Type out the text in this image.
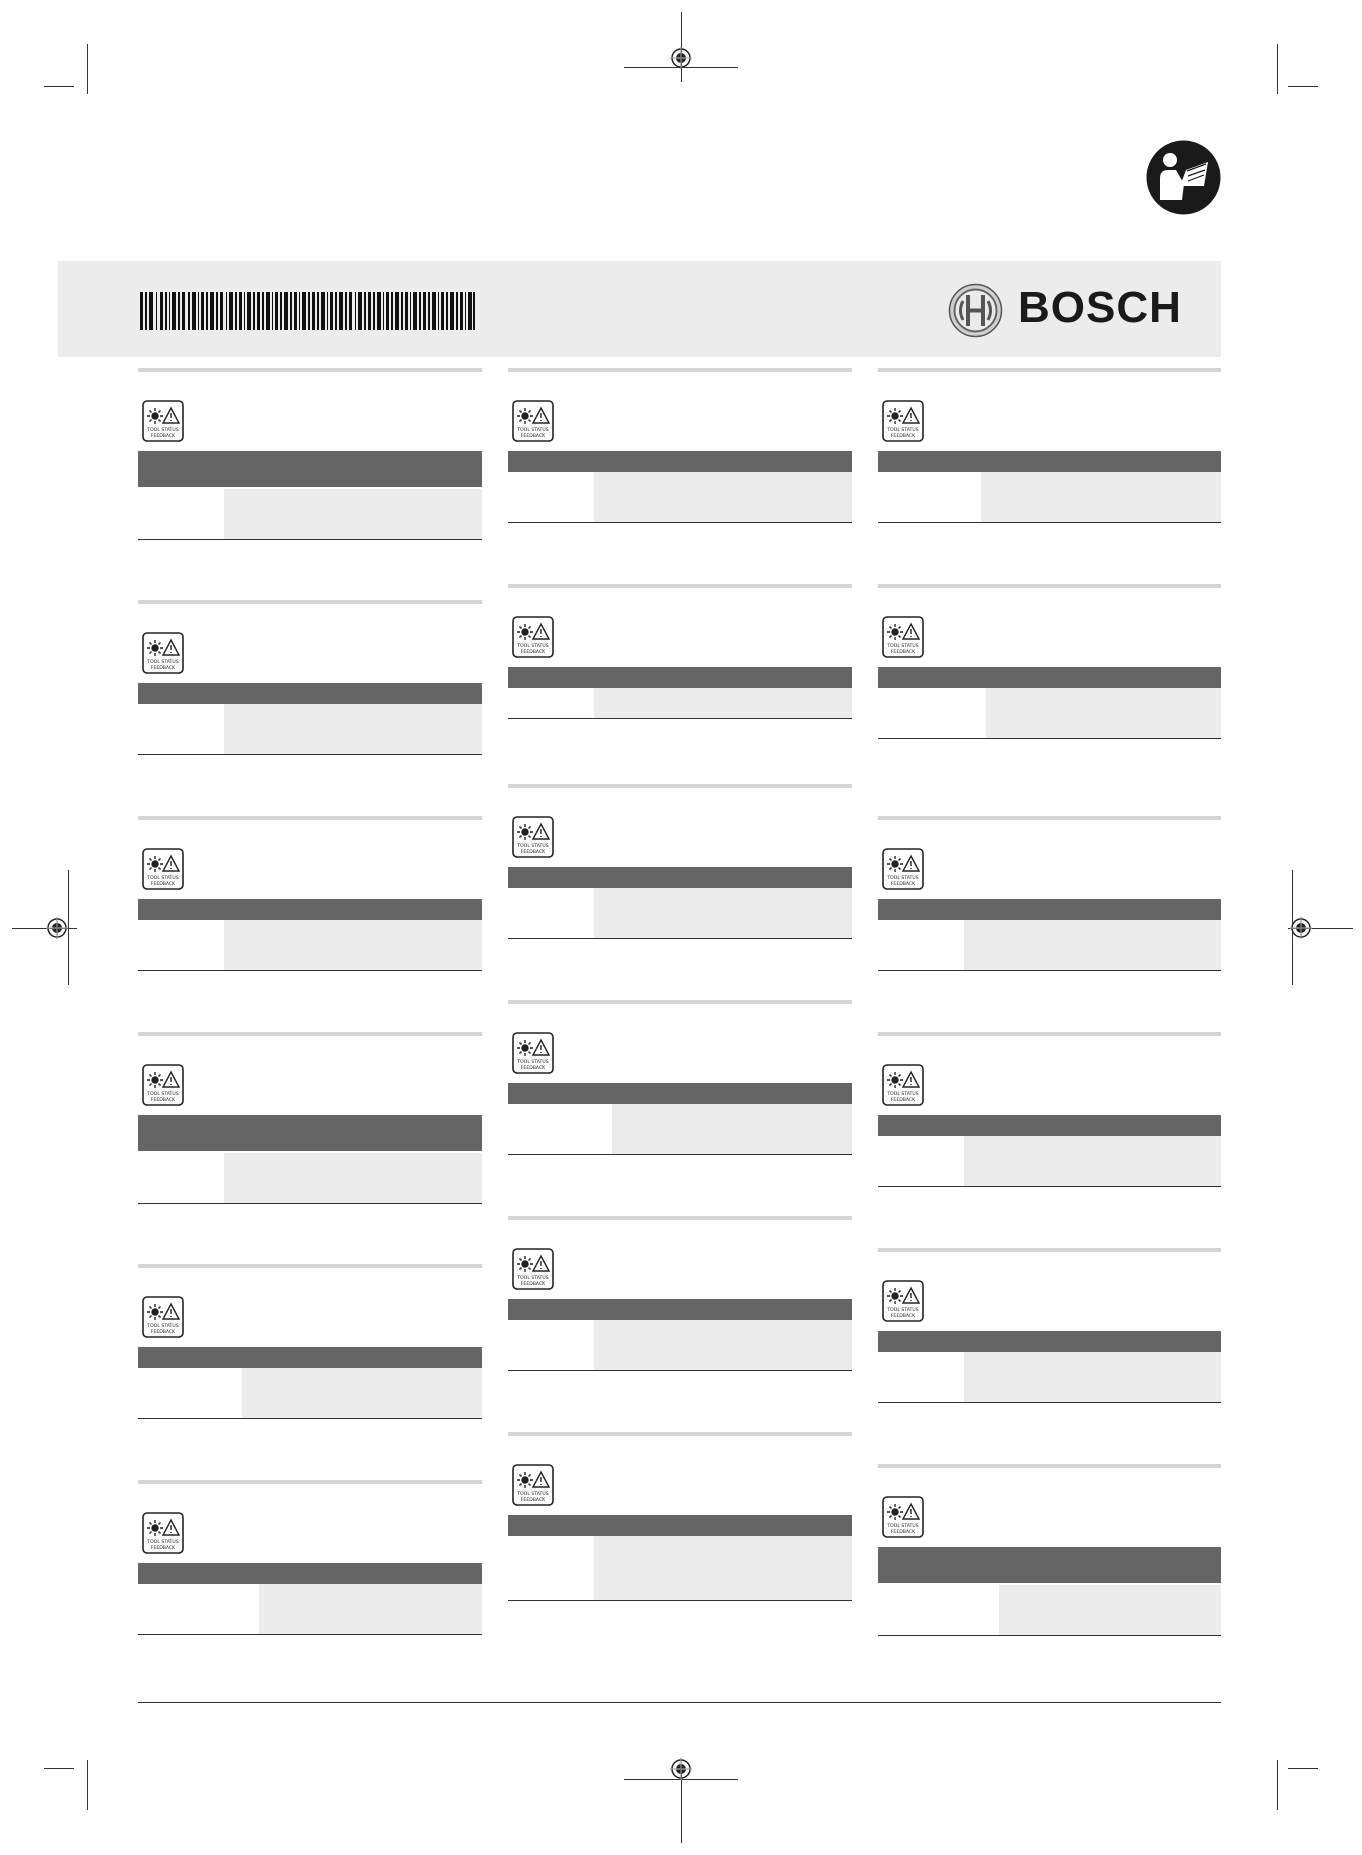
BOSCH
TOOL STATUS
FEEDBACK
TOOL STATUS
FEEDBACK
TOOL STATUS
FEEDBACK
TOOL STATUS
FEEDBACK
TOOL STATUS
FEEDBACK
TOOL STATUS
FEEDBACK
TOOL STATUS
FEEDBACK
TOOL STATUS
FEEDBACK
TOOL STATUS
FEEDBACK
TOOL STATUS
FEEDBACK
TOOL STATUS
FEEDBACK
TOOL STATUS
FEEDBACK
TOOL STATUS
FEEDBACK
TOOL STATUS
FEEDBACK
TOOL STATUS
FEEDBACK
TOOL STATUS
FEEDBACK
TOOL STATUS
FEEDBACK
TOOL STATUS
FEEDBACK
